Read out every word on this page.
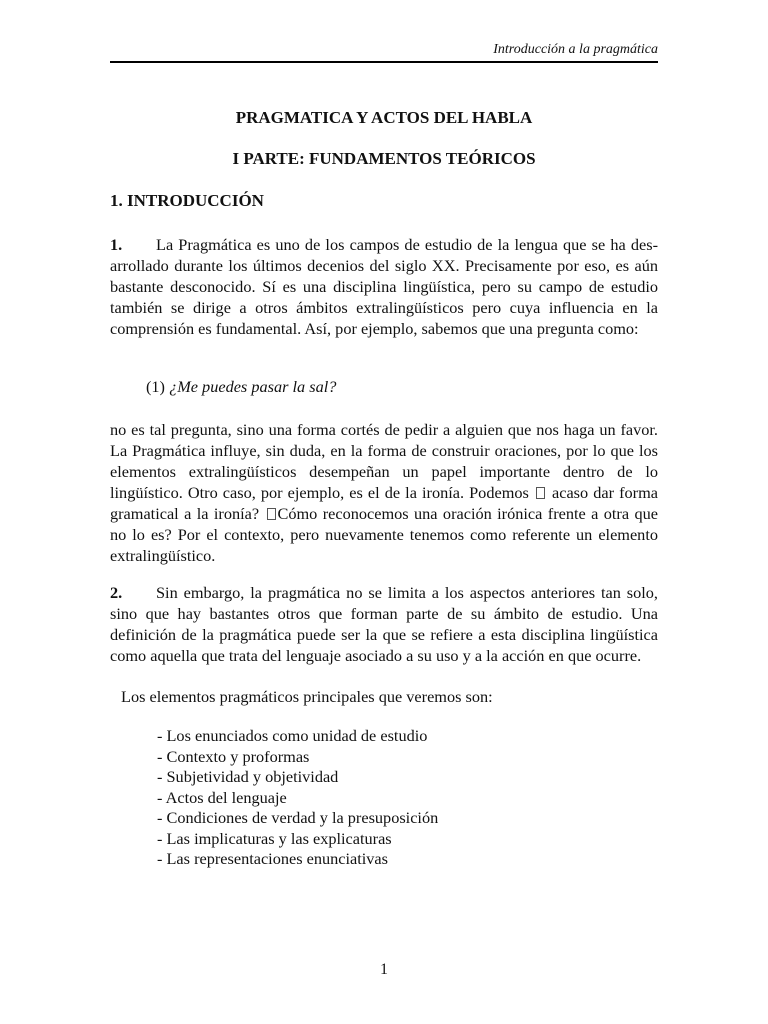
Introducción a la pragmática
PRAGMATICA Y ACTOS DEL HABLA
I PARTE: FUNDAMENTOS TEÓRICOS
1. INTRODUCCIÓN

1. La Pragmática es uno de los campos de estudio de la lengua que se ha des-arrollado durante los últimos decenios del siglo XX. Precisamente por eso, es aún bastante desconocido. Sí es una disciplina lingüística, pero su campo de estudio también se dirige a otros ámbitos extralingüísticos pero cuya influencia en la comprensión es fundamental. Así, por ejemplo, sabemos que una pregunta como:

(1) ¿Me puedes pasar la sal?

no es tal pregunta, sino una forma cortés de pedir a alguien que nos haga un favor. La Pragmática influye, sin duda, en la forma de construir oraciones, por lo que los elementos extralingüísticos desempeñan un papel importante dentro de lo lingüístico. Otro caso, por ejemplo, es el de la ironía. Podemos acaso dar forma gramatical a la ironía? Cómo reconocemos una oración irónica frente a otra que no lo es? Por el contexto, pero nuevamente tenemos como referente un elemento extralingüístico.

2. Sin embargo, la pragmática no se limita a los aspectos anteriores tan solo, sino que hay bastantes otros que forman parte de su ámbito de estudio. Una definición de la pragmática puede ser la que se refiere a esta disciplina lingüística como aquella que trata del lenguaje asociado a su uso y a la acción en que ocurre.

Los elementos pragmáticos principales que veremos son:

- Los enunciados como unidad de estudio
- Contexto y proformas
- Subjetividad y objetividad
- Actos del lenguaje
- Condiciones de verdad y la presuposición
- Las implicaturas y las explicaturas
- Las representaciones enunciativas
1
